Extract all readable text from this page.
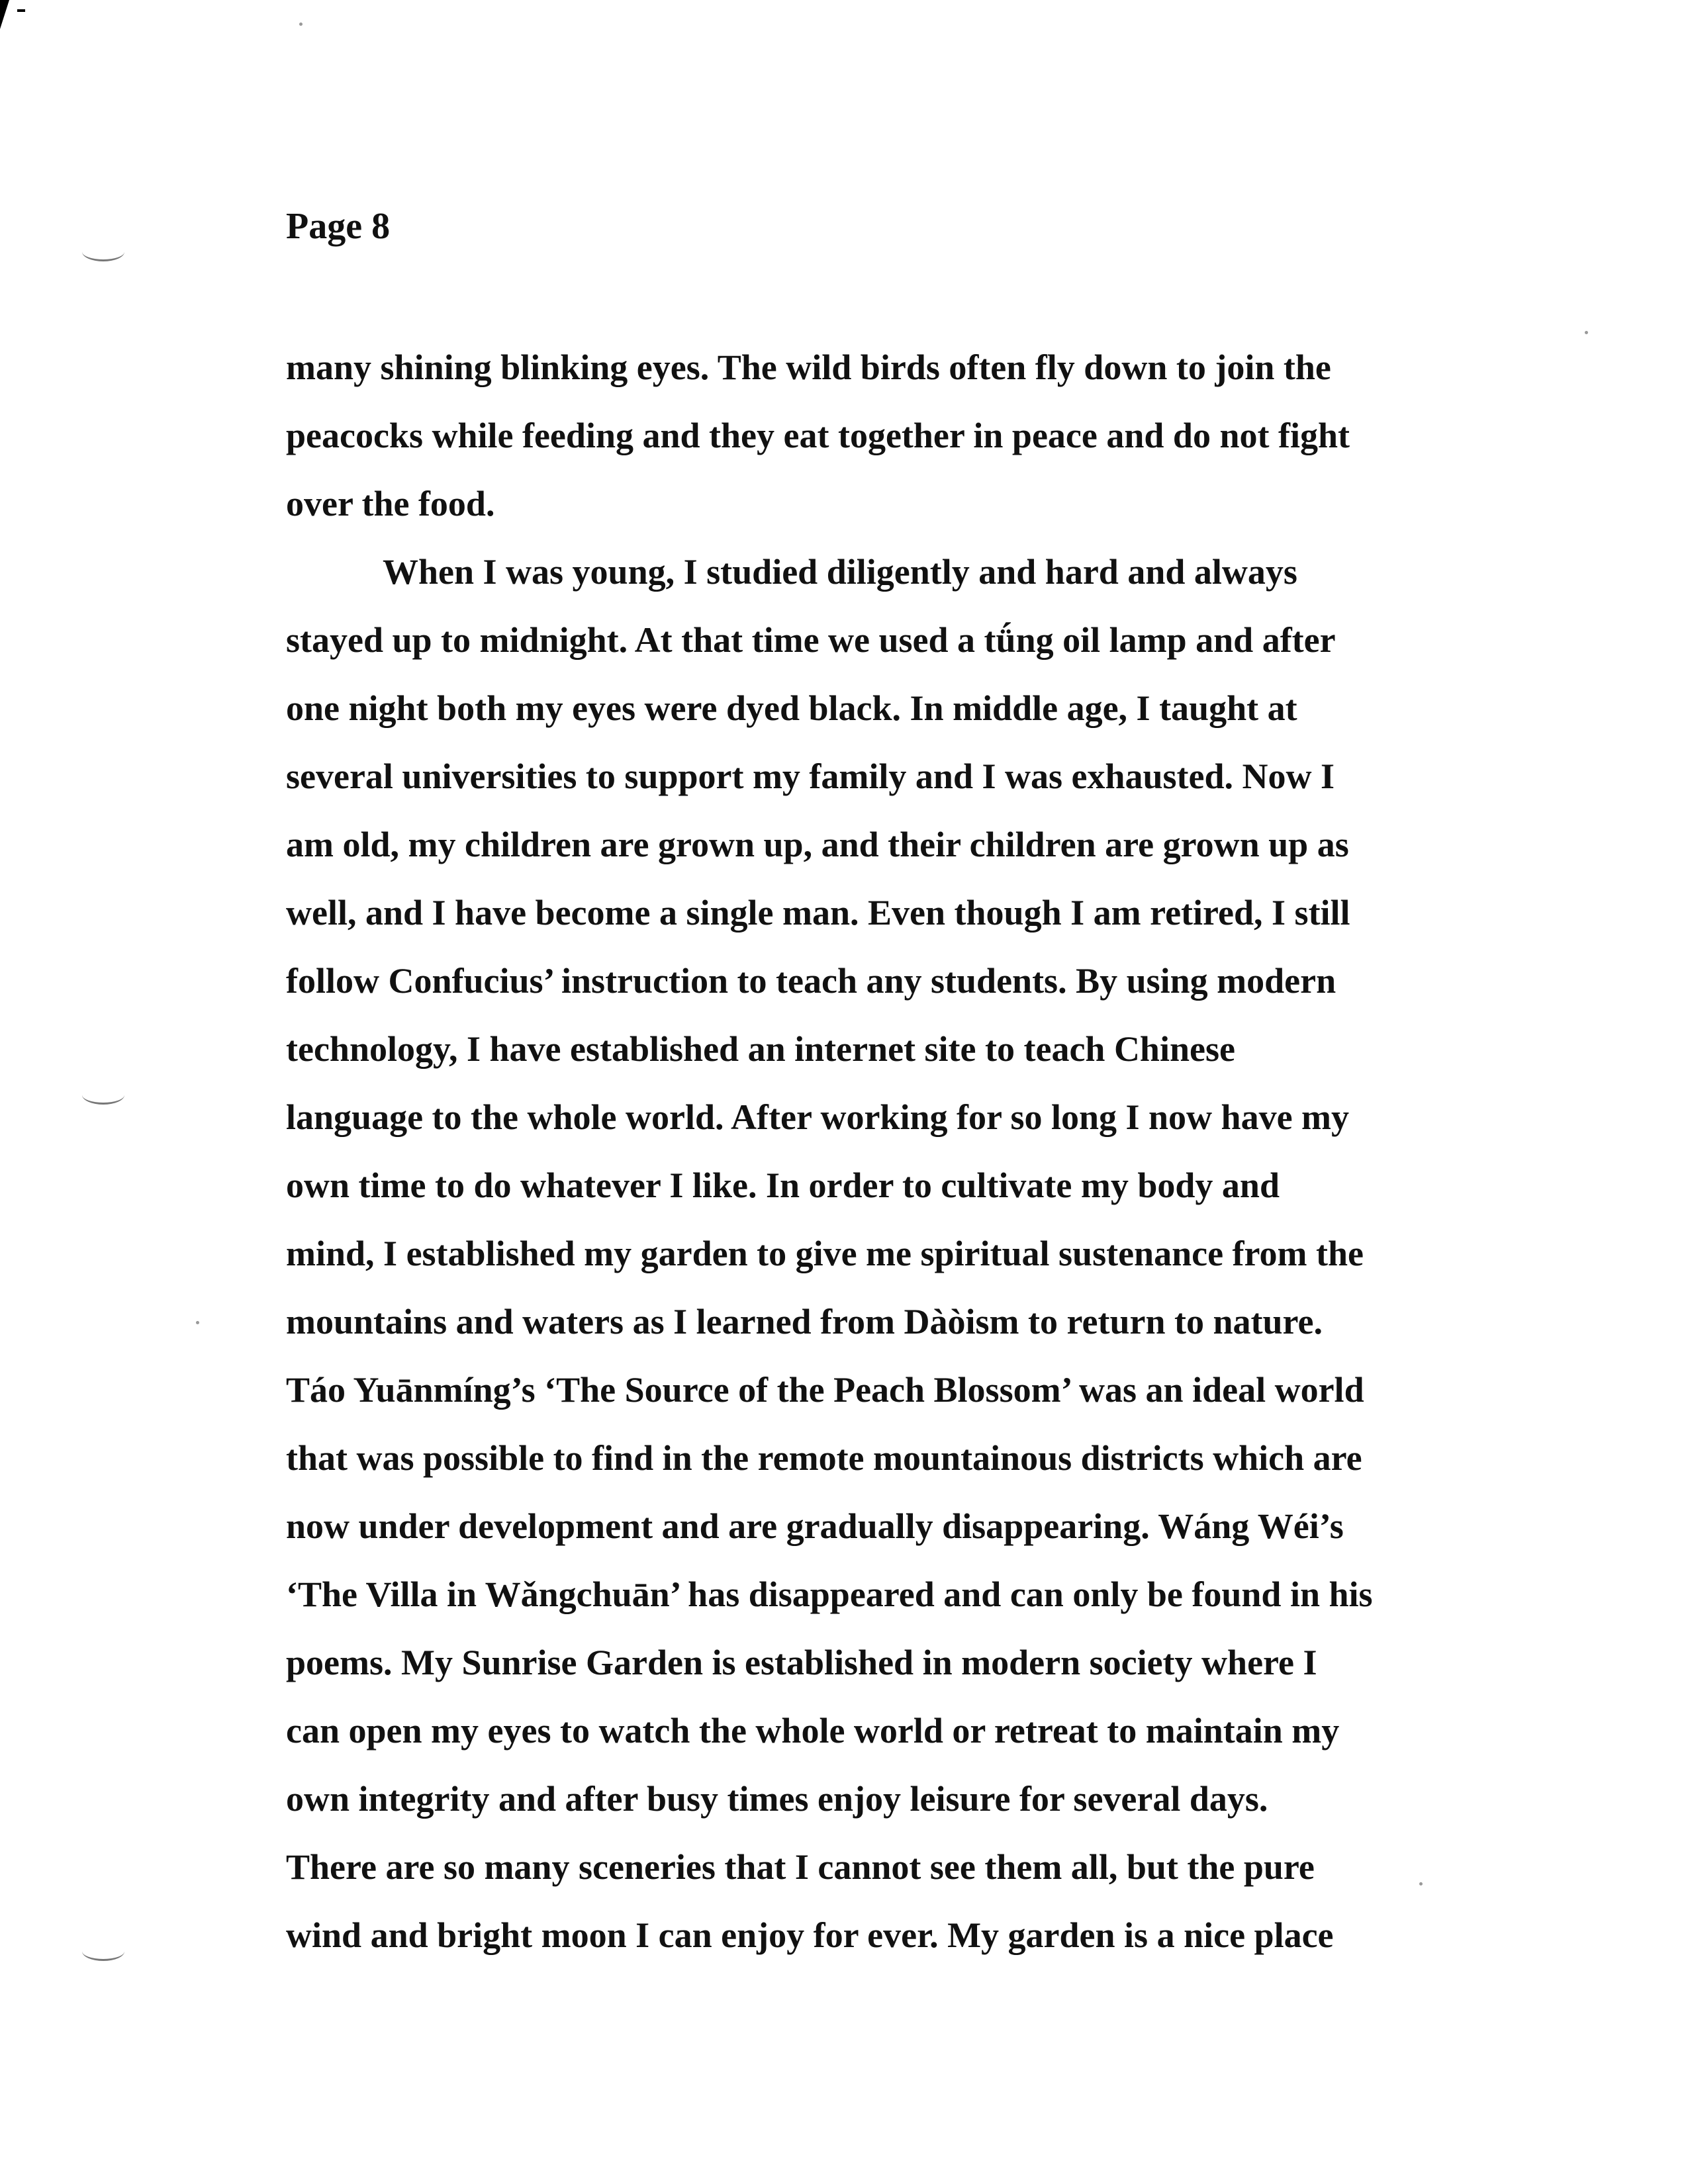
Page 8
many shining blinking eyes. The wild birds often fly down to join the
peacocks while feeding and they eat together in peace and do not fight
over the food.
When I was young, I studied diligently and hard and always
stayed up to midnight. At that time we used a tǘng oil lamp and after
one night both my eyes were dyed black. In middle age, I taught at
several universities to support my family and I was exhausted. Now I
am old, my children are grown up, and their children are grown up as
well, and I have become a single man. Even though I am retired, I still
follow Confucius’ instruction to teach any students. By using modern
technology, I have established an internet site to teach Chinese
language to the whole world. After working for so long I now have my
own time to do whatever I like. In order to cultivate my body and
mind, I established my garden to give me spiritual sustenance from the
mountains and waters as I learned from Dàòism to return to nature.
Táo Yuānmíng’s ‘The Source of the Peach Blossom’ was an ideal world
that was possible to find in the remote mountainous districts which are
now under development and are gradually disappearing. Wáng Wéi’s
‘The Villa in Wǎngchuān’ has disappeared and can only be found in his
poems. My Sunrise Garden is established in modern society where I
can open my eyes to watch the whole world or retreat to maintain my
own integrity and after busy times enjoy leisure for several days.
There are so many sceneries that I cannot see them all, but the pure
wind and bright moon I can enjoy for ever. My garden is a nice place
